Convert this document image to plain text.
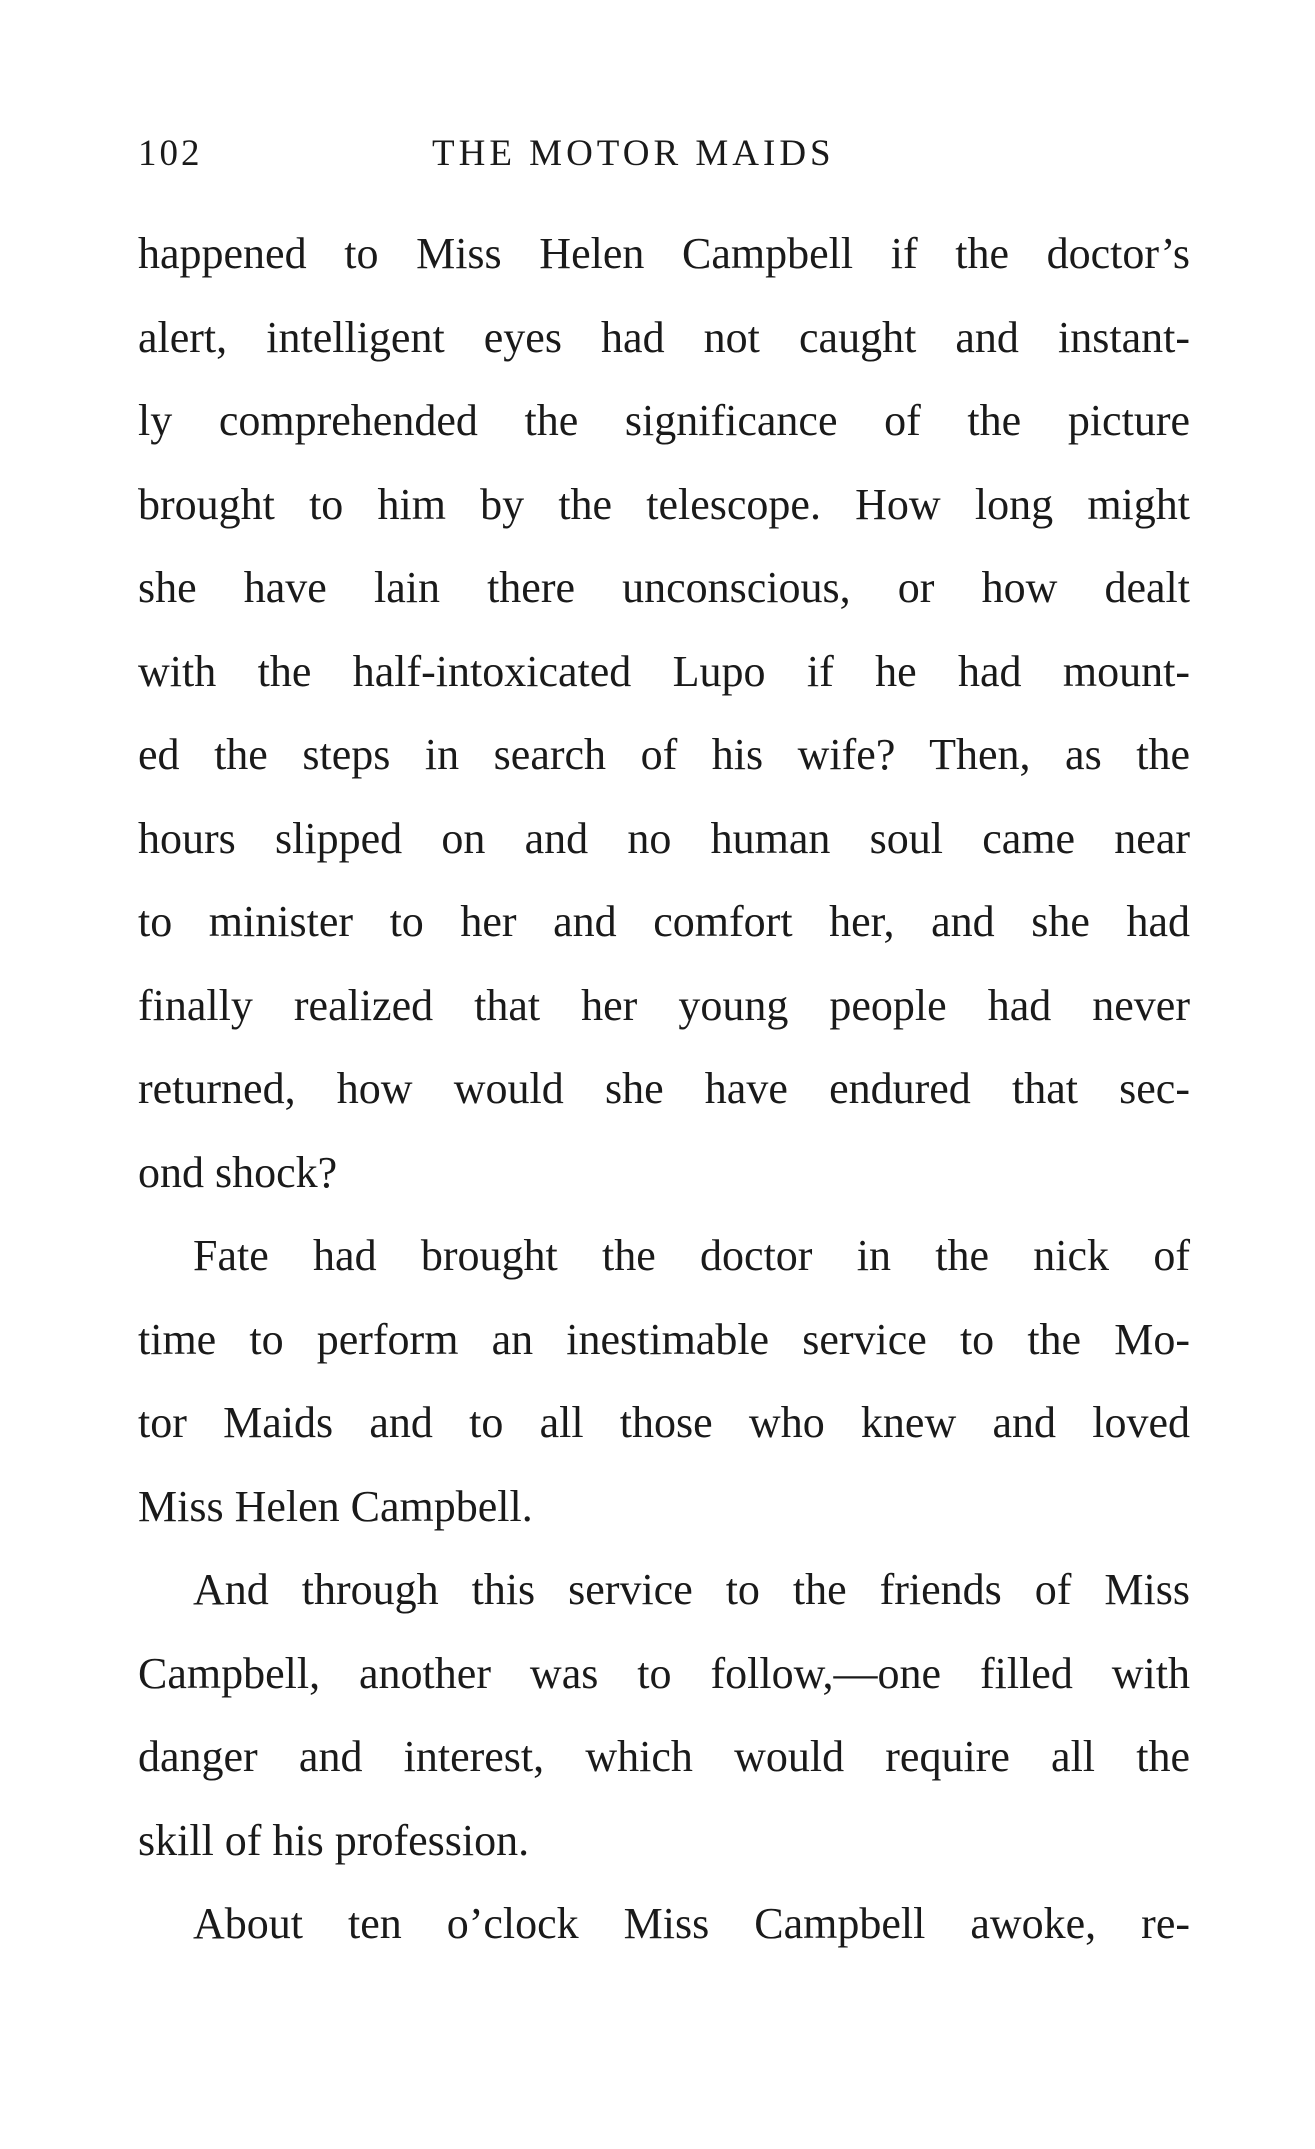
102	THE MOTOR MAIDS
happened to Miss Helen Campbell if the doctor’s
alert, intelligent eyes had not caught and instant-
ly comprehended the significance of the picture
brought to him by the telescope. How long might
she have lain there unconscious, or how dealt
with the half-intoxicated Lupo if he had mount-
ed the steps in search of his wife? Then, as the
hours slipped on and no human soul came near
to minister to her and comfort her, and she had
finally realized that her young people had never
returned, how would she have endured that sec-
ond shock?
Fate had brought the doctor in the nick of
time to perform an inestimable service to the Mo-
tor Maids and to all those who knew and loved
Miss Helen Campbell.
And through this service to the friends of Miss
Campbell, another was to follow,—one filled with
danger and interest, which would require all the
skill of his profession.
About ten o’clock Miss Campbell awoke, re-
